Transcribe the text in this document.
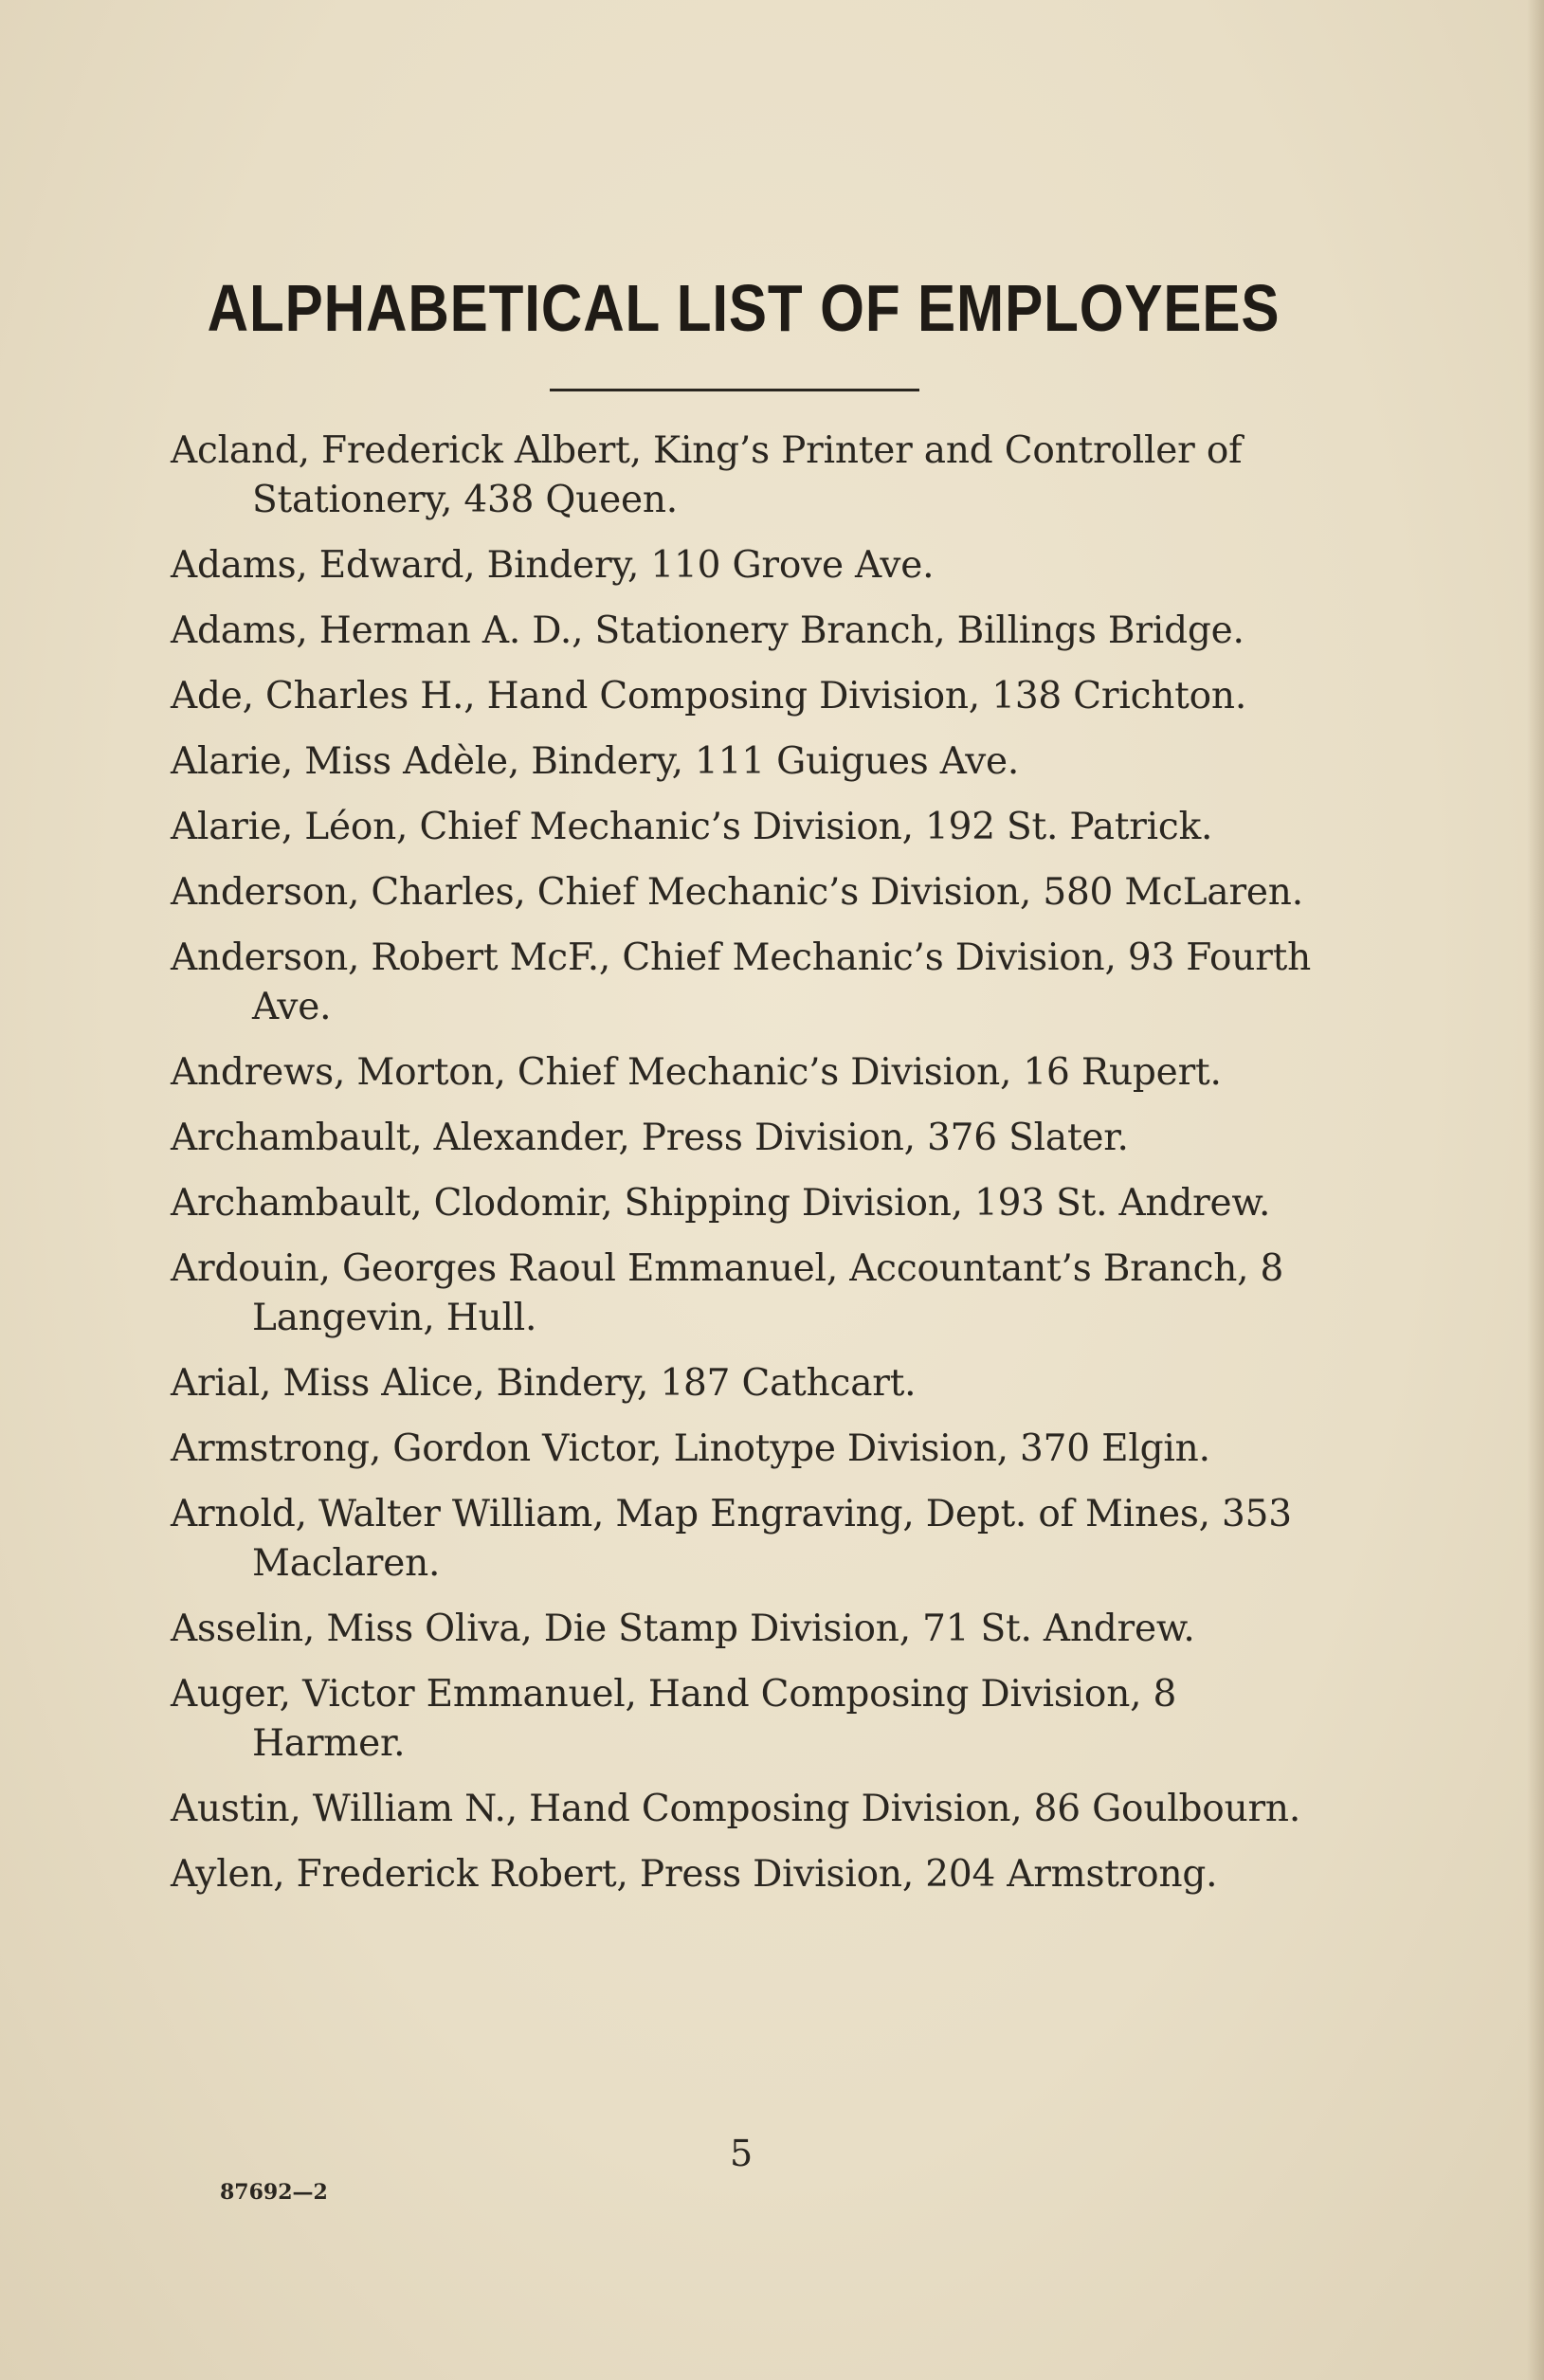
ALPHABETICAL LIST OF EMPLOYEES
Acland, Frederick Albert, King’s Printer and Controller of Stationery, 438 Queen.
Adams, Edward, Bindery, 110 Grove Ave.
Adams, Herman A. D., Stationery Branch, Billings Bridge.
Ade, Charles H., Hand Composing Division, 138 Crichton.
Alarie, Miss Adèle, Bindery, 111 Guigues Ave.
Alarie, Léon, Chief Mechanic’s Division, 192 St. Patrick.
Anderson, Charles, Chief Mechanic’s Division, 580 McLaren.
Anderson, Robert McF., Chief Mechanic’s Division, 93 Fourth Ave.
Andrews, Morton, Chief Mechanic’s Division, 16 Rupert.
Archambault, Alexander, Press Division, 376 Slater.
Archambault, Clodomir, Shipping Division, 193 St. Andrew.
Ardouin, Georges Raoul Emmanuel, Accountant’s Branch, 8 Langevin, Hull.
Arial, Miss Alice, Bindery, 187 Cathcart.
Armstrong, Gordon Victor, Linotype Division, 370 Elgin.
Arnold, Walter William, Map Engraving, Dept. of Mines, 353 Maclaren.
Asselin, Miss Oliva, Die Stamp Division, 71 St. Andrew.
Auger, Victor Emmanuel, Hand Composing Division, 8 Harmer.
Austin, William N., Hand Composing Division, 86 Goulbourn.
Aylen, Frederick Robert, Press Division, 204 Armstrong.
5
87692—2
